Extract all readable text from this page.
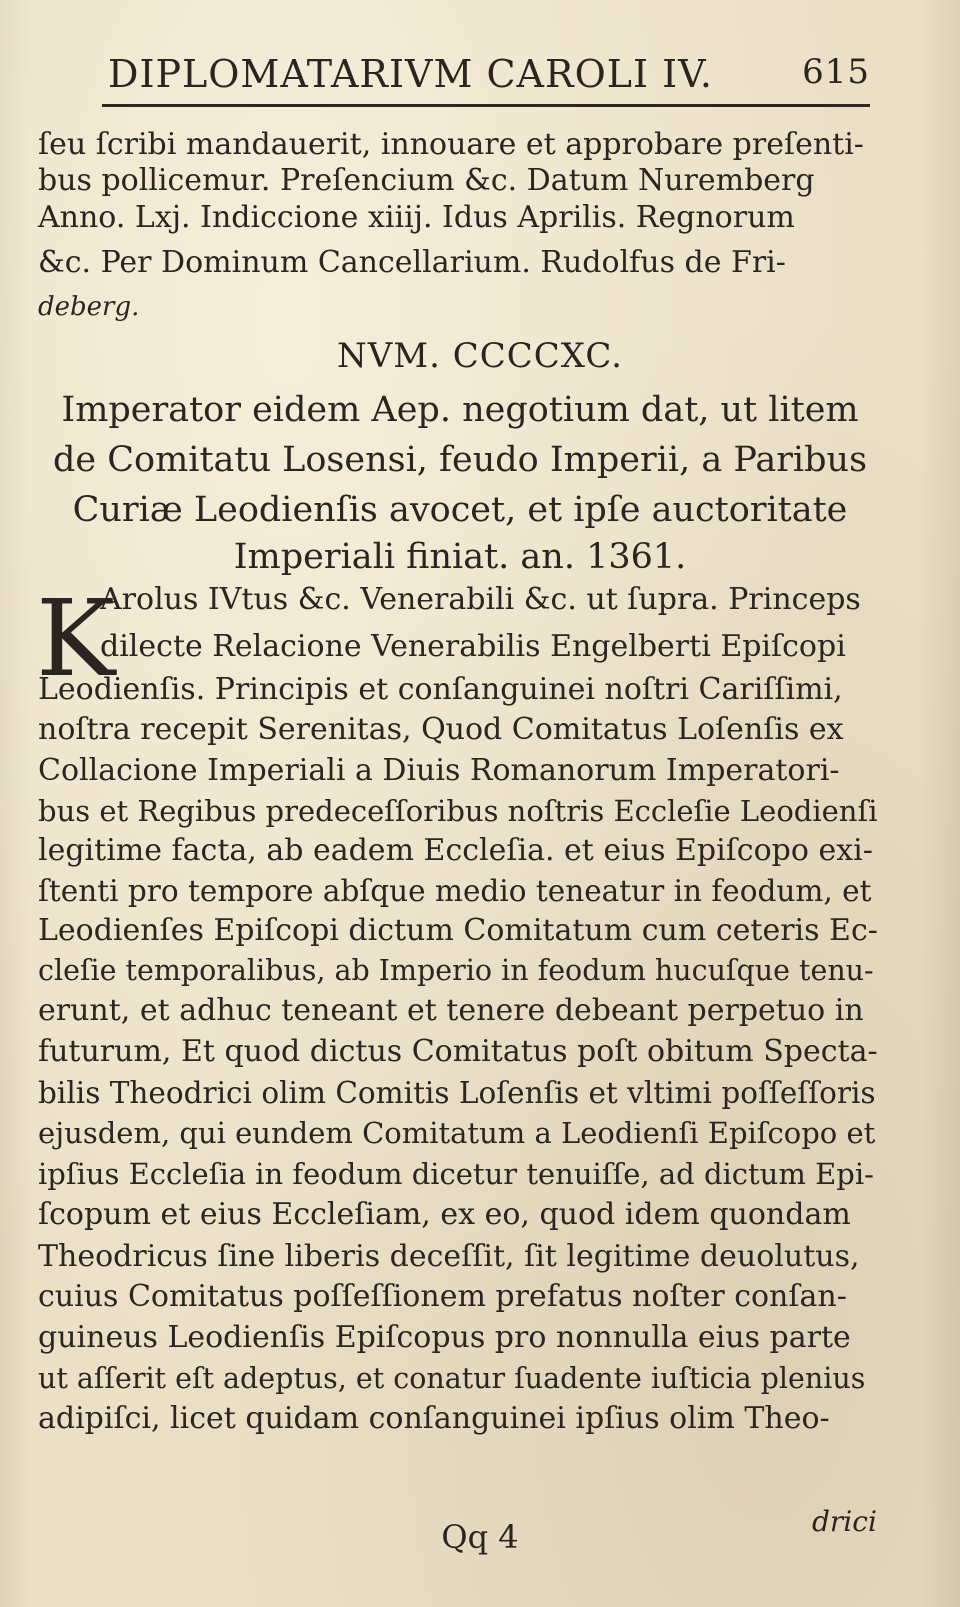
DIPLOMATARIVM CAROLI IV.	615
ſeu ſcribi mandauerit, innouare et approbare preſenti-
bus pollicemur. Preſencium &c. Datum Nuremberg
Anno. Lxj. Indiccione xiiij. Idus Aprilis. Regnorum
&c. Per Dominum Cancellarium. Rudolfus de Fri-
deberg.
NVM. CCCCXC.
Imperator eidem Aep. negotium dat, ut litem
de Comitatu Losensi, feudo Imperii, a Paribus
Curiæ Leodienſis avocet, et ipſe auctoritate
Imperiali finiat. an. 1361.
K
Arolus IVtus &c. Venerabili &c. ut ſupra. Princeps
dilecte Relacione Venerabilis Engelberti Epiſcopi
Leodienſis. Principis et conſanguinei noſtri Cariſſimi,
noſtra recepit Serenitas, Quod Comitatus Loſenſis ex
Collacione Imperiali a Diuis Romanorum Imperatori-
bus et Regibus predeceſſoribus noſtris Eccleſie Leodienſi
legitime facta, ab eadem Eccleſia. et eius Epiſcopo exi-
ſtenti pro tempore abſque medio teneatur in feodum, et
Leodienſes Epiſcopi dictum Comitatum cum ceteris Ec-
cleſie temporalibus, ab Imperio in feodum hucuſque tenu-
erunt, et adhuc teneant et tenere debeant perpetuo in
futurum, Et quod dictus Comitatus poſt obitum Specta-
bilis Theodrici olim Comitis Loſenſis et vltimi poſſeſſoris
ejusdem, qui eundem Comitatum a Leodienſi Epiſcopo et
ipſius Eccleſia in feodum dicetur tenuiſſe, ad dictum Epi-
ſcopum et eius Eccleſiam, ex eo, quod idem quondam
Theodricus ſine liberis deceſſit, ſit legitime deuolutus,
cuius Comitatus poſſeſſionem prefatus noſter conſan-
guineus Leodienſis Epiſcopus pro nonnulla eius parte
ut aſſerit eſt adeptus, et conatur ſuadente iuſticia plenius
adipiſci, licet quidam conſanguinei ipſius olim Theo-
Qq 4	drici
